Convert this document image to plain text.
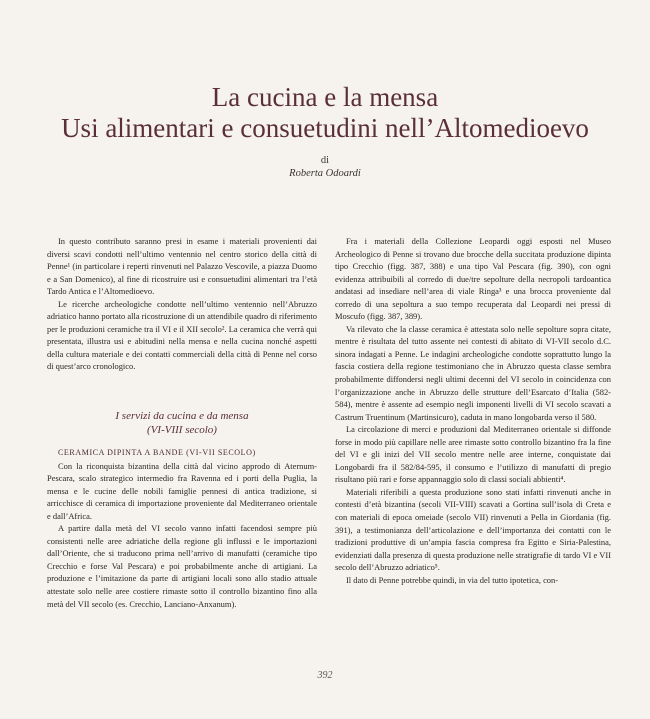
La cucina e la mensa
Usi alimentari e consuetudini nell’Altomedioevo
di
Roberta Odoardi

In questo contributo saranno presi in esame i materiali provenienti dai diversi scavi condotti nell’ultimo ventennio nel centro storico della città di Penne¹ (in particolare i reperti rinvenuti nel Palazzo Vescovile, a piazza Duomo e a San Domenico), al fine di ricostruire usi e consuetudini alimentari tra l’età Tardo Antica e l’Altomedioevo.

Le ricerche archeologiche condotte nell’ultimo ventennio nell’Abruzzo adriatico hanno portato alla ricostruzione di un attendibile quadro di riferimento per le produzioni ceramiche tra il VI e il XII secolo². La ceramica che verrà qui presentata, illustra usi e abitudini nella mensa e nella cucina nonché aspetti della cultura materiale e dei contatti commerciali della città di Penne nel corso di quest’arco cronologico.

I servizi da cucina e da mensa
(VI-VIII secolo)

CERAMICA DIPINTA A BANDE (VI-VII SECOLO)

Con la riconquista bizantina della città dal vicino approdo di Aternum-Pescara, scalo strategico intermedio fra Ravenna ed i porti della Puglia, la mensa e le cucine delle nobili famiglie pennesi di antica tradizione, si arricchisce di ceramica di importazione proveniente dal Mediterraneo orientale e dall’Africa.

A partire dalla metà del VI secolo vanno infatti facendosi sempre più consistenti nelle aree adriatiche della regione gli influssi e le importazioni dall’Oriente, che si traducono prima nell’arrivo di manufatti (ceramiche tipo Crecchio e forse Val Pescara) e poi probabilmente anche di artigiani. La produzione e l’imitazione da parte di artigiani locali sono allo stadio attuale attestate solo nelle aree costiere rimaste sotto il controllo bizantino fino alla metà del VII secolo (es. Crecchio, Lanciano-Anxanum).

Fra i materiali della Collezione Leopardi oggi esposti nel Museo Archeologico di Penne si trovano due brocche della succitata produzione dipinta tipo Crecchio (figg. 387, 388) e una tipo Val Pescara (fig. 390), con ogni evidenza attribuibili al corredo di due/tre sepolture della necropoli tardoantica andatasi ad insediare nell’area di viale Ringa³ e una brocca proveniente dal corredo di una sepoltura a suo tempo recuperata dal Leopardi nei pressi di Moscufo (figg. 387, 389).

Va rilevato che la classe ceramica è attestata solo nelle sepolture sopra citate, mentre è risultata del tutto assente nei contesti di abitato di VI-VII secolo d.C. sinora indagati a Penne. Le indagini archeologiche condotte soprattutto lungo la fascia costiera della regione testimoniano che in Abruzzo questa classe sembra probabilmente diffondersi negli ultimi decenni del VI secolo in coincidenza con l’organizzazione anche in Abruzzo delle strutture dell’Esarcato d’Italia (582-584), mentre è assente ad esempio negli imponenti livelli di VI secolo scavati a Castrum Truentinum (Martinsicuro), caduta in mano longobarda verso il 580.

La circolazione di merci e produzioni dal Mediterraneo orientale si diffonde forse in modo più capillare nelle aree rimaste sotto controllo bizantino fra la fine del VI e gli inizi del VII secolo mentre nelle aree interne, conquistate dai Longobardi fra il 582/84-595, il consumo e l’utilizzo di manufatti di pregio risultano più rari e forse appannaggio solo di classi sociali abbienti⁴.

Materiali riferibili a questa produzione sono stati infatti rinvenuti anche in contesti d’età bizantina (secoli VII-VIII) scavati a Gortina sull’isola di Creta e con materiali di epoca omeiade (secolo VII) rinvenuti a Pella in Giordania (fig. 391), a testimonianza dell’articolazione e dell’importanza dei contatti con le tradizioni produttive di un’ampia fascia compresa fra Egitto e Siria-Palestina, evidenziati dalla presenza di questa produzione nelle stratigrafie di tardo VI e VII secolo dell’Abruzzo adriatico⁵.

Il dato di Penne potrebbe quindi, in via del tutto ipotetica, con-

392
